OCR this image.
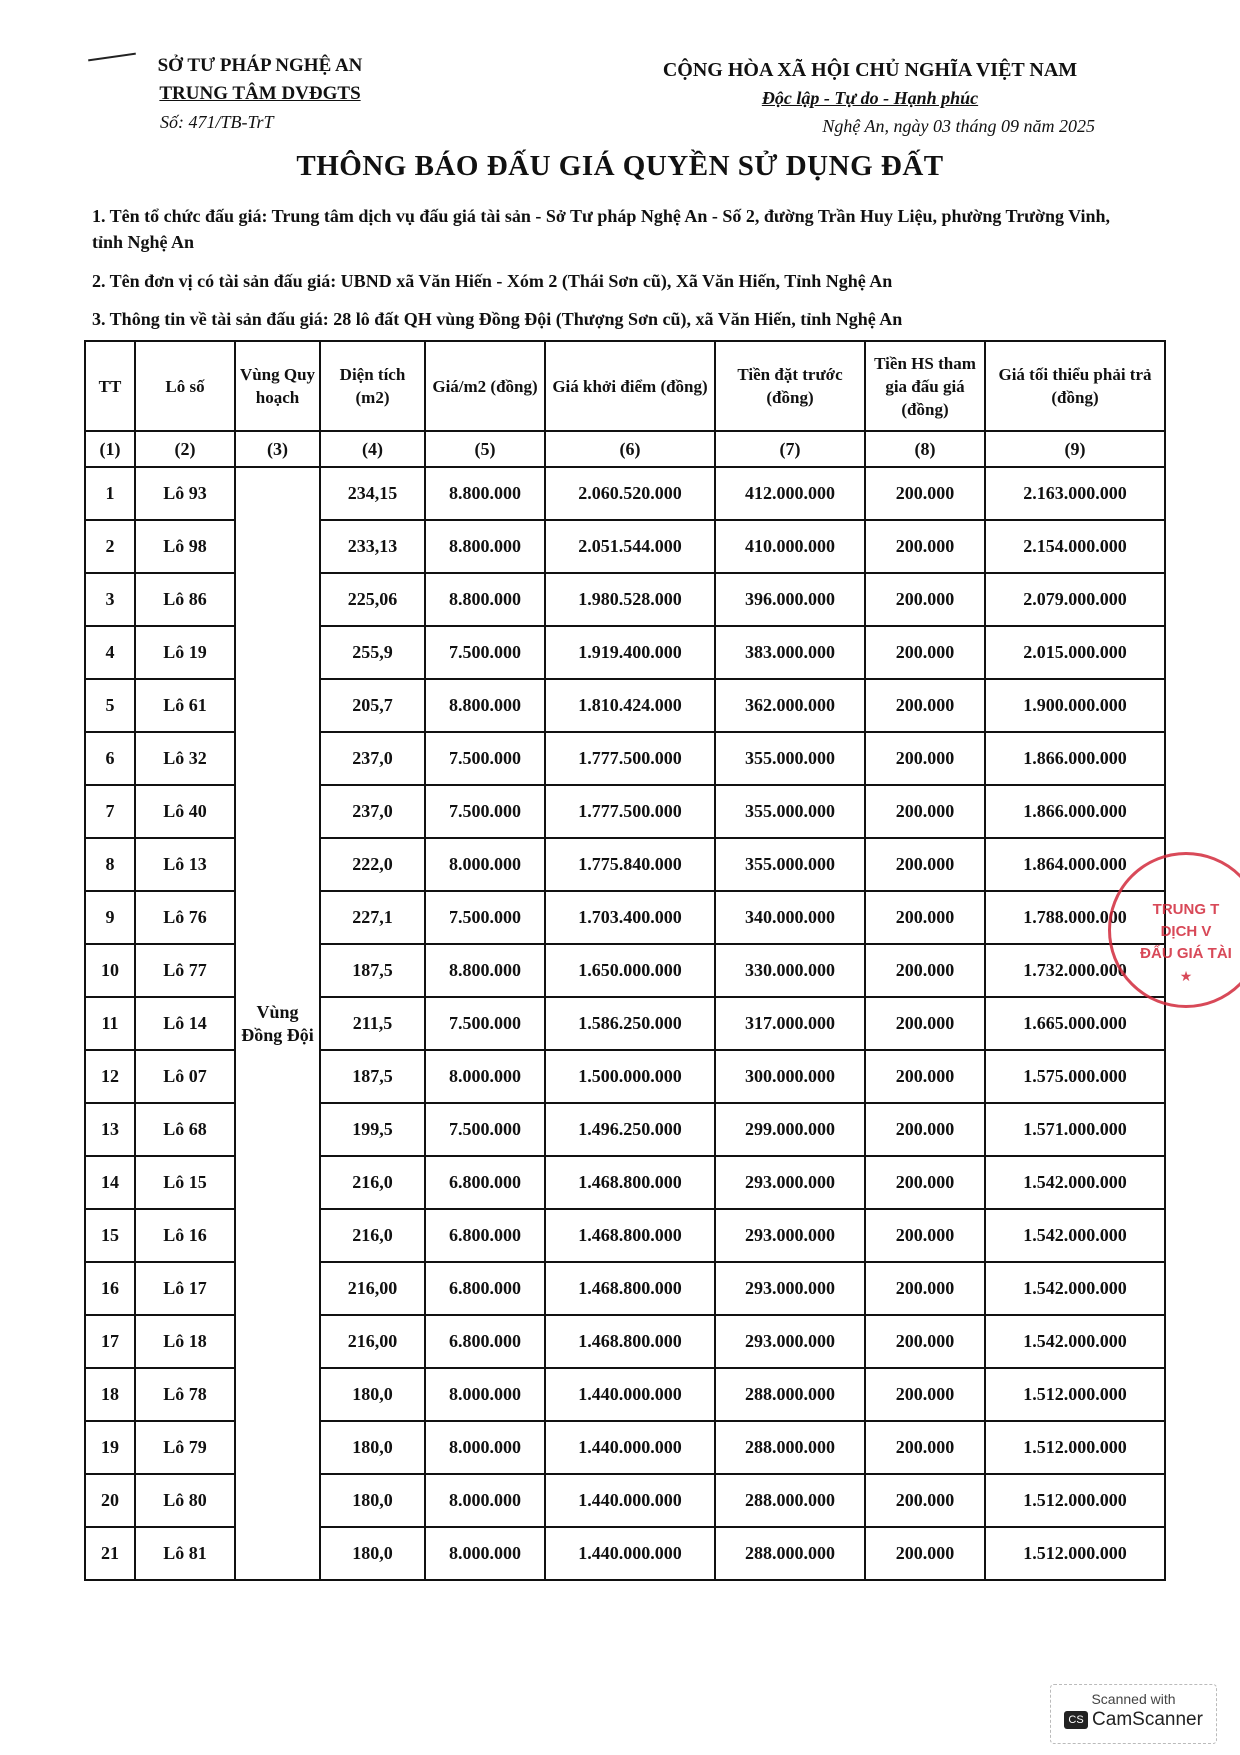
SỞ TƯ PHÁP NGHỆ AN
TRUNG TÂM DVĐGTS
Số: 471/TB-TrT
CỘNG HÒA XÃ HỘI CHỦ NGHĨA VIỆT NAM
Độc lập - Tự do - Hạnh phúc
Nghệ An, ngày 03 tháng 09 năm 2025
THÔNG BÁO ĐẤU GIÁ QUYỀN SỬ DỤNG ĐẤT
1. Tên tổ chức đấu giá: Trung tâm dịch vụ đấu giá tài sản - Sở Tư pháp Nghệ An - Số 2, đường Trần Huy Liệu, phường Trường Vinh, tỉnh Nghệ An
2. Tên đơn vị có tài sản đấu giá: UBND xã Văn Hiến - Xóm 2 (Thái Sơn cũ), Xã Văn Hiến, Tỉnh Nghệ An
3. Thông tin về tài sản đấu giá: 28 lô đất QH vùng Đồng Đội (Thượng Sơn cũ), xã Văn Hiến, tỉnh Nghệ An
TT	Lô số	Vùng Quy hoạch	Diện tích (m2)	Giá/m2 (đồng)	Giá khởi điểm (đồng)	Tiền đặt trước (đồng)	Tiền HS tham gia đấu giá (đồng)	Giá tối thiểu phải trả (đồng)
(1)	(2)	(3)	(4)	(5)	(6)	(7)	(8)	(9)
1	Lô 93	Vùng Đồng Đội	234,15	8.800.000	2.060.520.000	412.000.000	200.000	2.163.000.000
2	Lô 98		233,13	8.800.000	2.051.544.000	410.000.000	200.000	2.154.000.000
3	Lô 86		225,06	8.800.000	1.980.528.000	396.000.000	200.000	2.079.000.000
4	Lô 19		255,9	7.500.000	1.919.400.000	383.000.000	200.000	2.015.000.000
5	Lô 61		205,7	8.800.000	1.810.424.000	362.000.000	200.000	1.900.000.000
6	Lô 32		237,0	7.500.000	1.777.500.000	355.000.000	200.000	1.866.000.000
7	Lô 40		237,0	7.500.000	1.777.500.000	355.000.000	200.000	1.866.000.000
8	Lô 13		222,0	8.000.000	1.775.840.000	355.000.000	200.000	1.864.000.000
9	Lô 76		227,1	7.500.000	1.703.400.000	340.000.000	200.000	1.788.000.000
10	Lô 77		187,5	8.800.000	1.650.000.000	330.000.000	200.000	1.732.000.000
11	Lô 14		211,5	7.500.000	1.586.250.000	317.000.000	200.000	1.665.000.000
12	Lô 07		187,5	8.000.000	1.500.000.000	300.000.000	200.000	1.575.000.000
13	Lô 68		199,5	7.500.000	1.496.250.000	299.000.000	200.000	1.571.000.000
14	Lô 15		216,0	6.800.000	1.468.800.000	293.000.000	200.000	1.542.000.000
15	Lô 16		216,0	6.800.000	1.468.800.000	293.000.000	200.000	1.542.000.000
16	Lô 17		216,00	6.800.000	1.468.800.000	293.000.000	200.000	1.542.000.000
17	Lô 18		216,00	6.800.000	1.468.800.000	293.000.000	200.000	1.542.000.000
18	Lô 78		180,0	8.000.000	1.440.000.000	288.000.000	200.000	1.512.000.000
19	Lô 79		180,0	8.000.000	1.440.000.000	288.000.000	200.000	1.512.000.000
20	Lô 80		180,0	8.000.000	1.440.000.000	288.000.000	200.000	1.512.000.000
21	Lô 81		180,0	8.000.000	1.440.000.000	288.000.000	200.000	1.512.000.000
TRUNG T
DỊCH V
ĐẤU GIÁ TÀI
★
Scanned with
CS CamScanner
